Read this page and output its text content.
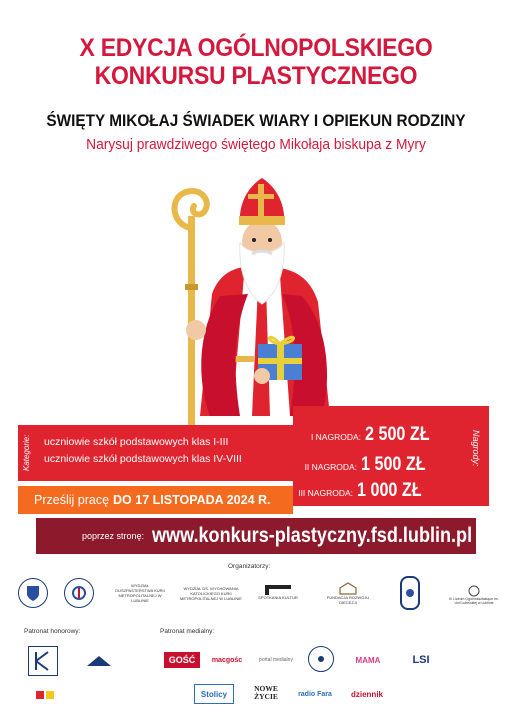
X EDYCJA OGÓLNOPOLSKIEGO
KONKURSU PLASTYCZNEGO
ŚWIĘTY MIKOŁAJ ŚWIADEK WIARY I OPIEKUN RODZINY
Narysuj prawdziwego świętego Mikołaja biskupa z Myry
Kategorie: uczniowie szkół podstawowych klas I-III
uczniowie szkół podstawowych klas IV-VIII
I NAGRODA: 2 500 ZŁ
II NAGRODA: 1 500 ZŁ
III NAGRODA: 1 000 ZŁ
Nagrody:
Prześlij pracę DO 17 LISTOPADA 2024 R.
poprzez stronę: www.konkurs-plastyczny.fsd.lublin.pl
Organizatorzy:
WYDZIAŁ DUSZPASTERSTWA KURII METROPOLITALNEJ W LUBLINIE
WYDZIAŁ DS. WYCHOWANIA KATOLICKIEGO KURII METROPOLITALNEJ W LUBLINIE	SPOTKANIA KULTUR	FUNDACJA ROZWOJU DIECEZJI
III Liceum Ogólnokształcące im. Unii Lubelskiej w Lublinie
Patronat honorowy:	Patronat medialny:
GOŚĆ	macgośc	portal medialny	MAMA	LSI
Stolicy
NOWE ŻYCIE	radio Fara	dziennik
